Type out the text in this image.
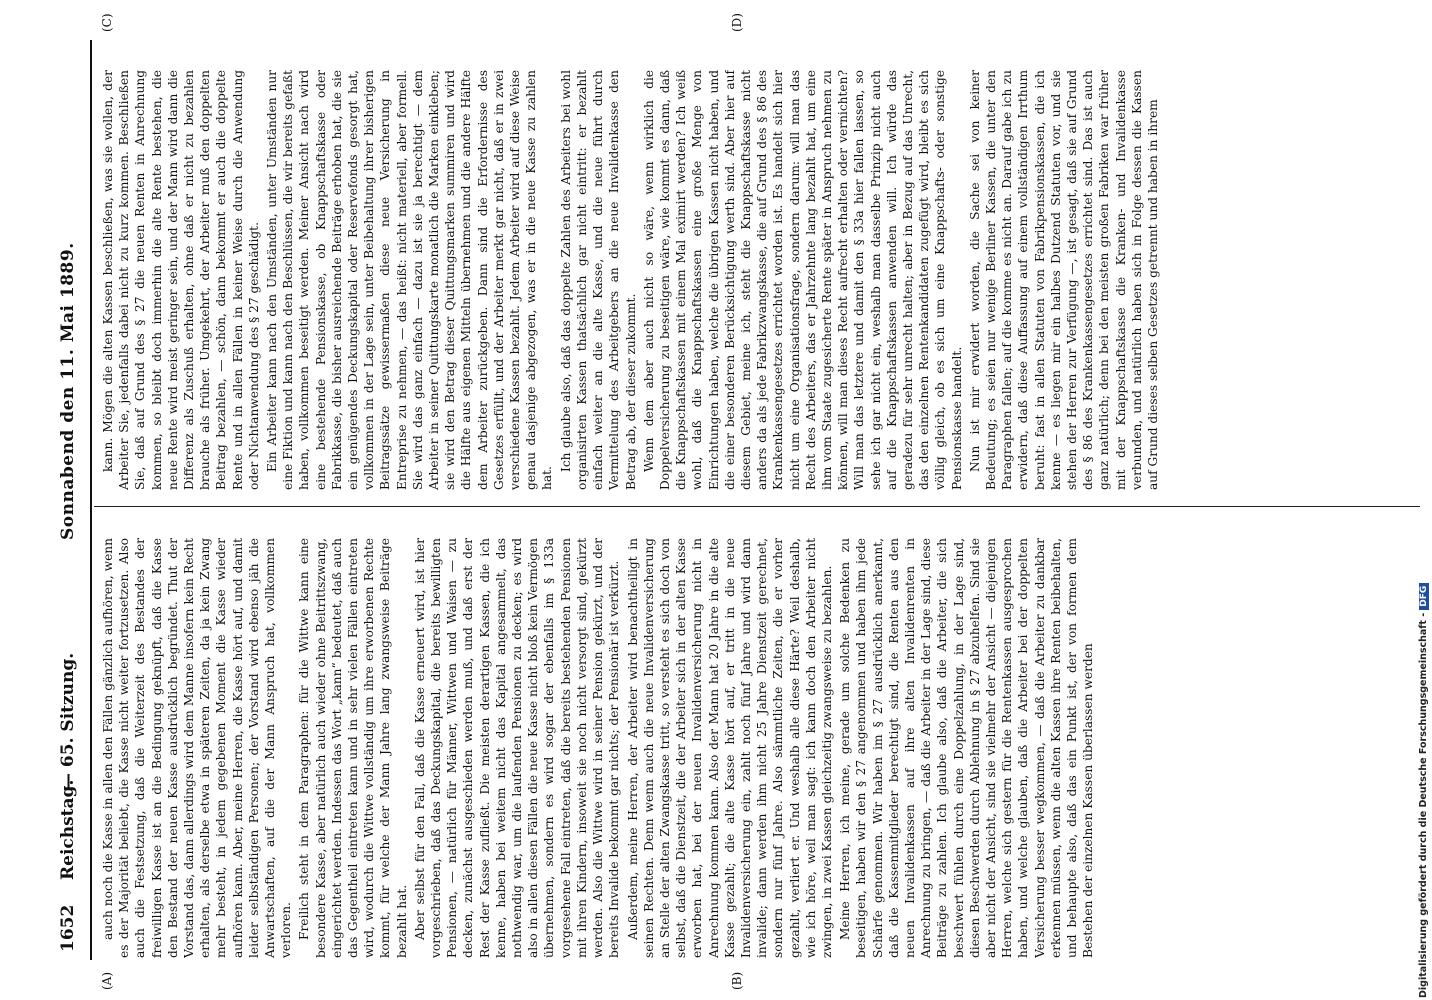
1652
Reichstag.
— 65. Sitzung.
Sonnabend den 11. Mai 1889.
(A)	(B)
(C)	(D)

auch noch die Kasse in allen den Fällen gänzlich aufhören, wenn es der Majorität beliebt, die Kasse nicht weiter fortzusetzen. Also auch die Festsetzung, daß die Weiterzeit des Bestandes der freiwilligen Kasse ist an die Bedingung geknüpft, daß die Kasse den Bestand der neuen Kasse ausdrücklich begründet. Thut der Vorstand das, dann allerdings wird dem Manne insofern kein Recht erhalten, als derselbe etwa in späteren Zeiten, da ja kein Zwang mehr besteht, in jedem gegebenen Moment die Kasse wieder aufhören kann. Aber, meine Herren, die Kasse hört auf, und damit leider selbständigen Personen; der Vorstand wird ebenso jäh die Anwartschaften, auf die der Mann Anspruch hat, vollkommen verloren. Freilich steht in dem Paragraphen: für die Wittwe kann eine besondere Kasse, aber natürlich auch wieder ohne Beitrittszwang, eingerichtet werden. Indessen das Wort „kann“ bedeutet, daß auch das Gegentheil eintreten kann und in sehr vielen Fällen eintreten wird, wodurch die Wittwe vollständig um ihre erworbenen Rechte kommt, für welche der Mann Jahre lang zwangsweise Beiträge bezahlt hat. Aber selbst für den Fall, daß die Kasse erneuert wird, ist hier vorgeschrieben, daß das Deckungskapital, die bereits bewilligten Pensionen, — natürlich für Männer, Wittwen und Waisen — zu decken, zunächst ausgeschieden werden muß, und daß erst der Rest der Kasse zufließt. Die meisten derartigen Kassen, die ich kenne, haben bei weitem nicht das Kapital angesammelt, das nothwendig war, um die laufenden Pensionen zu decken; es wird also in allen diesen Fällen die neue Kasse nicht bloß kein Vermögen übernehmen, sondern es wird sogar der ebenfalls im § 133a vorgesehene Fall eintreten, daß die bereits bestehenden Pensionen mit ihren Kindern, insoweit sie noch nicht versorgt sind, gekürzt werden. Also die Wittwe wird in seiner Pension gekürzt, und der bereits Invalide bekommt gar nichts; der Pensionär ist verkürzt. Außerdem, meine Herren, der Arbeiter wird benachtheiligt in seinen Rechten. Denn wenn auch die neue Invalidenversicherung an Stelle der alten Zwangskasse tritt, so versteht es sich doch von selbst, daß die Dienstzeit, die der Arbeiter sich in der alten Kasse erworben hat, bei der neuen Invalidenversicherung nicht in Anrechnung kommen kann. Also der Mann hat 20 Jahre in die alte Kasse gezahlt; die alte Kasse hört auf, er tritt in die neue Invalidenversicherung ein, zahlt noch fünf Jahre und wird dann invalide; dann werden ihm nicht 25 Jahre Dienstzeit gerechnet, sondern nur fünf Jahre. Also sämmtliche Zeiten, die er vorher gezahlt, verliert er. Und weshalb alle diese Härte? Weil deshalb, wie ich höre, weil man sagt: ich kann doch den Arbeiter nicht zwingen, in zwei Kassen gleichzeitig zwangsweise zu bezahlen. Meine Herren, ich meine, gerade um solche Bedenken zu beseitigen, haben wir den § 27 angenommen und haben ihm jede Schärfe genommen. Wir haben im § 27 ausdrücklich anerkannt, daß die Kassenmitglieder berechtigt sind, die Renten aus den neuen Invalidenkassen auf ihre alten Invalidenrenten in Anrechnung zu bringen, — daß die Arbeiter in der Lage sind, diese Beiträge zu zahlen. Ich glaube also, daß die Arbeiter, die sich beschwert fühlen durch eine Doppelzahlung, in der Lage sind, diesen Beschwerden durch Ablehnung in § 27 abzuhelfen. Sind sie aber nicht der Ansicht, sind sie vielmehr der Ansicht — diejenigen Herren, welche sich gestern für die Rentenkassen ausgesprochen haben, und welche glauben, daß die Arbeiter bei der doppelten Versicherung besser wegkommen, — daß die Arbeiter zu dankbar erkennen müssen, wenn die alten Kassen ihre Renten beibehalten, und behaupte also, daß das ein Punkt ist, der von formen dem Bestehen der einzelnen Kassen überlassen werden

kann. Mögen die alten Kassen beschließen, was sie wollen, der Arbeiter Sie, jedenfalls dabei nicht zu kurz kommen. Beschließen Sie, daß auf Grund des § 27 die neuen Renten in Anrechnung kommen, so bleibt doch immerhin die alte Rente bestehen, die neue Rente wird meist geringer sein, und der Mann wird dann die Differenz als Zuschuß erhalten, ohne daß er nicht zu bezahlen brauche als früher. Umgekehrt, der Arbeiter muß den doppelten Beitrag bezahlen, — schön, dann bekommt er auch die doppelte Rente und in allen Fällen in keiner Weise durch die Anwendung oder Nichtanwendung des § 27 geschädigt. Ein Arbeiter kann nach den Umständen, unter Umständen nur eine Fiktion und kann nach den Beschlüssen, die wir bereits gefaßt haben, vollkommen beseitigt werden. Meiner Ansicht nach wird eine bestehende Pensionskasse, ob Knappschaftskasse oder Fabrikkasse, die bisher ausreichende Beiträge erhoben hat, die sie ein genügendes Deckungskapital oder Reservefonds gesorgt hat, vollkommen in der Lage sein, unter Beibehaltung ihrer bisherigen Beitragssätze gewissermaßen diese neue Versicherung in Entreprise zu nehmen, — das heißt: nicht materiell, aber formell. Sie wird das ganz einfach — dazu ist sie ja berechtigt — dem Arbeiter in seiner Quittungskarte monatlich die Marken einkleben; sie wird den Betrag dieser Quittungsmarken summiren und wird die Hälfte aus eigenen Mitteln übernehmen und die andere Hälfte dem Arbeiter zurückgeben. Dann sind die Erfordernisse des Gesetzes erfüllt, und der Arbeiter merkt gar nicht, daß er in zwei verschiedene Kassen bezahlt. Jedem Arbeiter wird auf diese Weise genau dasjenige abgezogen, was er in die neue Kasse zu zahlen hat.

Ich glaube also, daß das doppelte Zahlen des Arbeiters bei wohl organisirten Kassen thatsächlich gar nicht eintritt: er bezahlt einfach weiter an die alte Kasse, und die neue führt durch Vermittelung des Arbeitgebers an die neue Invalidenkasse den Betrag ab, der dieser zukommt. Wenn dem aber auch nicht so wäre, wenn wirklich die Doppelversicherung zu beseitigen wäre, wie kommt es dann, daß die Knappschaftskassen mit einem Mal eximirt werden? Ich weiß wohl, daß die Knappschaftskassen eine große Menge von Einrichtungen haben, welche die übrigen Kassen nicht haben, und die einer besonderen Berücksichtigung werth sind. Aber hier auf diesem Gebiet, meine ich, steht die Knappschaftskasse nicht anders da als jede Fabrikzwangskasse, die auf Grund des § 86 des Krankenkassengesetzes errichtet worden ist. Es handelt sich hier nicht um eine Organisationsfrage, sondern darum: will man das Recht des Arbeiters, das er Jahrzehnte lang bezahlt hat, um eine ihm vom Staate zugesicherte Rente später in Anspruch nehmen zu können, will man dieses Recht aufrecht erhalten oder vernichten? Will man das letztere und damit den § 33a hier fallen lassen, so sehe ich gar nicht ein, weshalb man dasselbe Prinzip nicht auch auf die Knappschaftskassen anwenden will. Ich würde das geradezu für sehr unrecht halten; aber in Bezug auf das Unrecht, das den einzelnen Rentenkandidaten zugefügt wird, bleibt es sich völlig gleich, ob es sich um eine Knappschafts- oder sonstige Pensionskasse handelt. Nun ist mir erwidert worden, die Sache sei von keiner Bedeutung; es seien nur wenige Berliner Kassen, die unter den Paragraphen fallen; auf die komme es nicht an. Darauf gabe ich zu erwidern, daß diese Auffassung auf einem vollständigen Irrthum beruht: fast in allen Statuten von Fabrikpensionskassen, die ich kenne — es liegen mir ein halbes Dutzend Statuten vor, und sie stehen der Herren zur Verfügung —, ist gesagt, daß sie auf Grund des § 86 des Krankenkassengesetzes errichtet sind. Das ist auch ganz natürlich; denn bei den meisten großen Fabriken war früher mit der Knappschaftskasse die Kranken- und Invalidenkasse verbunden, und natürlich haben sich in Folge dessen die Kassen auf Grund dieses selben Gesetzes getrennt und haben in ihrem

Digitalisierung gefördert durch die Deutsche Forschungsgemeinschaft -DFG
